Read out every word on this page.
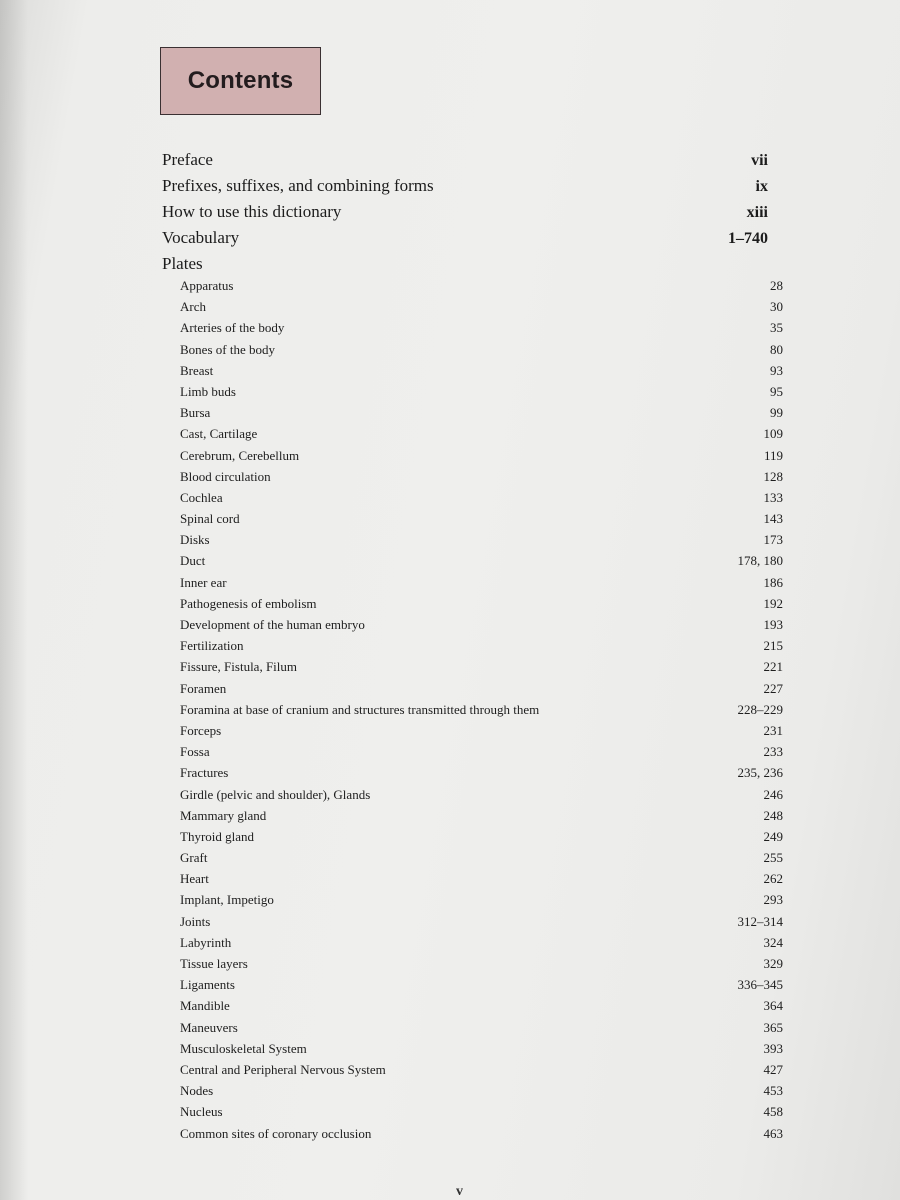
Contents
Preface	vii
Prefixes, suffixes, and combining forms	ix
How to use this dictionary	xiii
Vocabulary	1–740
Plates
Apparatus	28
Arch	30
Arteries of the body	35
Bones of the body	80
Breast	93
Limb buds	95
Bursa	99
Cast, Cartilage	109
Cerebrum, Cerebellum	119
Blood circulation	128
Cochlea	133
Spinal cord	143
Disks	173
Duct	178, 180
Inner ear	186
Pathogenesis of embolism	192
Development of the human embryo	193
Fertilization	215
Fissure, Fistula, Filum	221
Foramen	227
Foramina at base of cranium and structures transmitted through them	228–229
Forceps	231
Fossa	233
Fractures	235, 236
Girdle (pelvic and shoulder), Glands	246
Mammary gland	248
Thyroid gland	249
Graft	255
Heart	262
Implant, Impetigo	293
Joints	312–314
Labyrinth	324
Tissue layers	329
Ligaments	336–345
Mandible	364
Maneuvers	365
Musculoskeletal System	393
Central and Peripheral Nervous System	427
Nodes	453
Nucleus	458
Common sites of coronary occlusion	463
v
